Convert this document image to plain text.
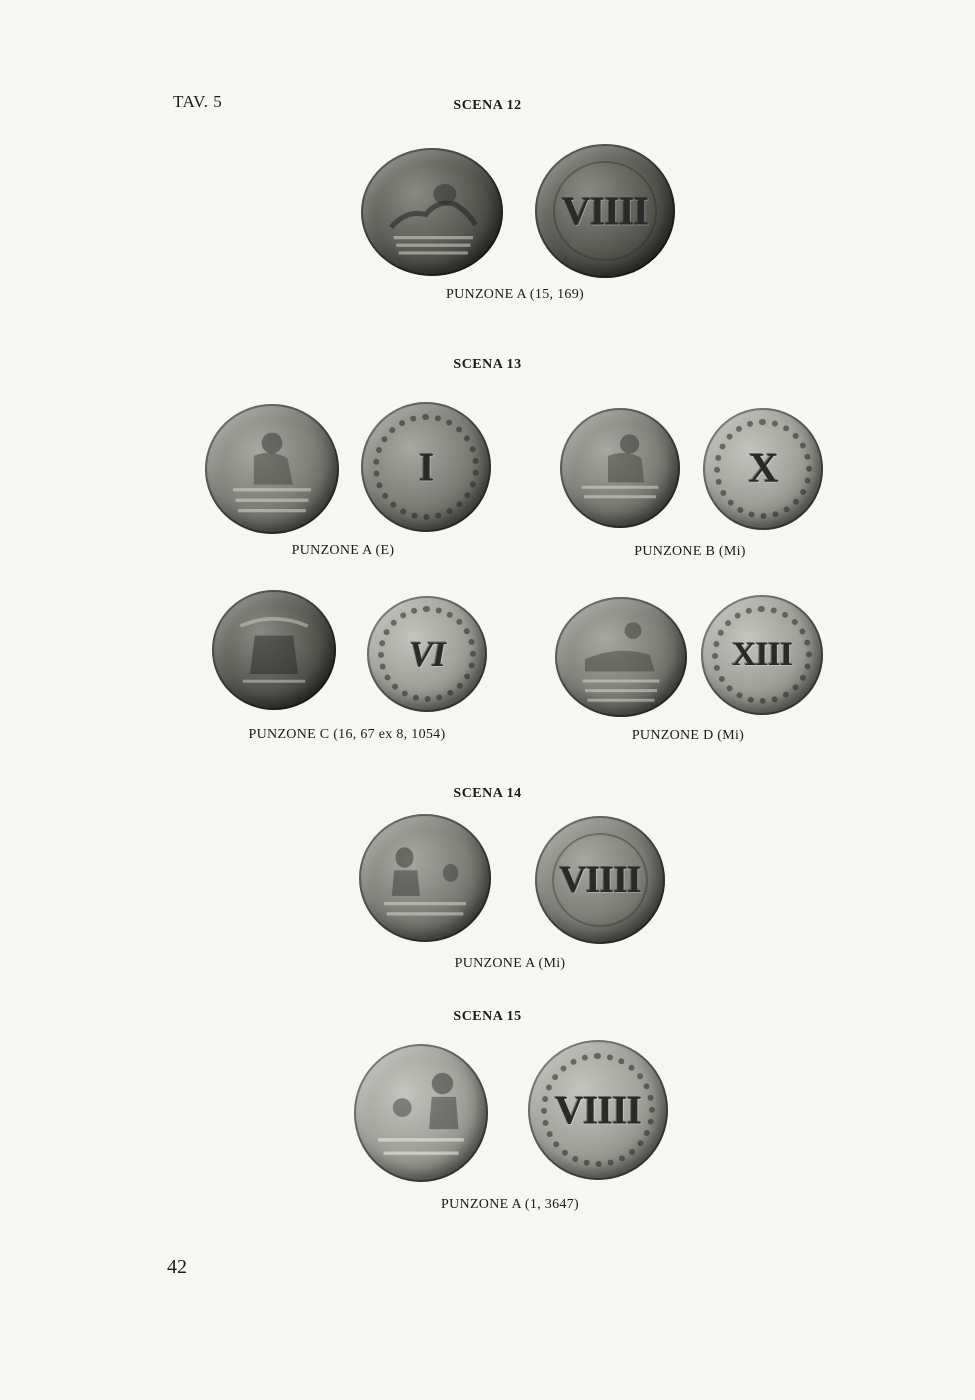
TAV. 5
42
SCENA 12
VIIII
PUNZONE A (15, 169)
SCENA 13
I
PUNZONE A (E)
X
PUNZONE B (Mi)
VI
PUNZONE C (16, 67 ex 8, 1054)
XIII
PUNZONE D (Mi)
SCENA 14
VIIII
PUNZONE A (Mi)
SCENA 15
VIIII
PUNZONE A (1, 3647)
